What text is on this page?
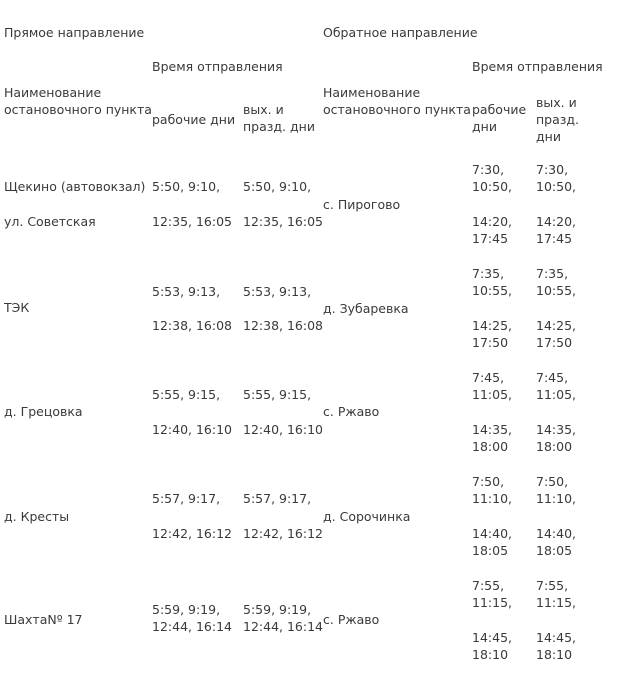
Прямое направление
Время отправления
Наименование
остановочного пункта
рабочие дни
вых. и
празд. дни
Обратное направление
Время отправления
Наименование
остановочного пункта рабочие
дни
вых. и
празд.
дни
Щекино (автовокзал)
ул. Советская
5:50, 9:10,
12:35, 16:05
5:50, 9:10,
12:35, 16:05
с. Пирогово
7:30,
10:50,
14:20,
17:45
7:30,
10:50,
14:20,
17:45
ТЭК
5:53, 9:13,
12:38, 16:08
5:53, 9:13,
12:38, 16:08
д. Зубаревка
7:35,
10:55,
14:25,
17:50
7:35,
10:55,
14:25,
17:50
д. Грецовка
5:55, 9:15,
12:40, 16:10
5:55, 9:15,
12:40, 16:10
с. Ржаво
7:45,
11:05,
14:35,
18:00
7:45,
11:05,
14:35,
18:00
д. Кресты
5:57, 9:17,
12:42, 16:12
5:57, 9:17,
12:42, 16:12
д. Сорочинка
7:50,
11:10,
14:40,
18:05
7:50,
11:10,
14:40,
18:05
ШахтаNº 17
5:59, 9:19,
12:44, 16:14
5:59, 9:19,
12:44, 16:14 с. Ржаво
7:55,
11:15,
14:45,
18:10
7:55,
11:15,
14:45,
18:10
